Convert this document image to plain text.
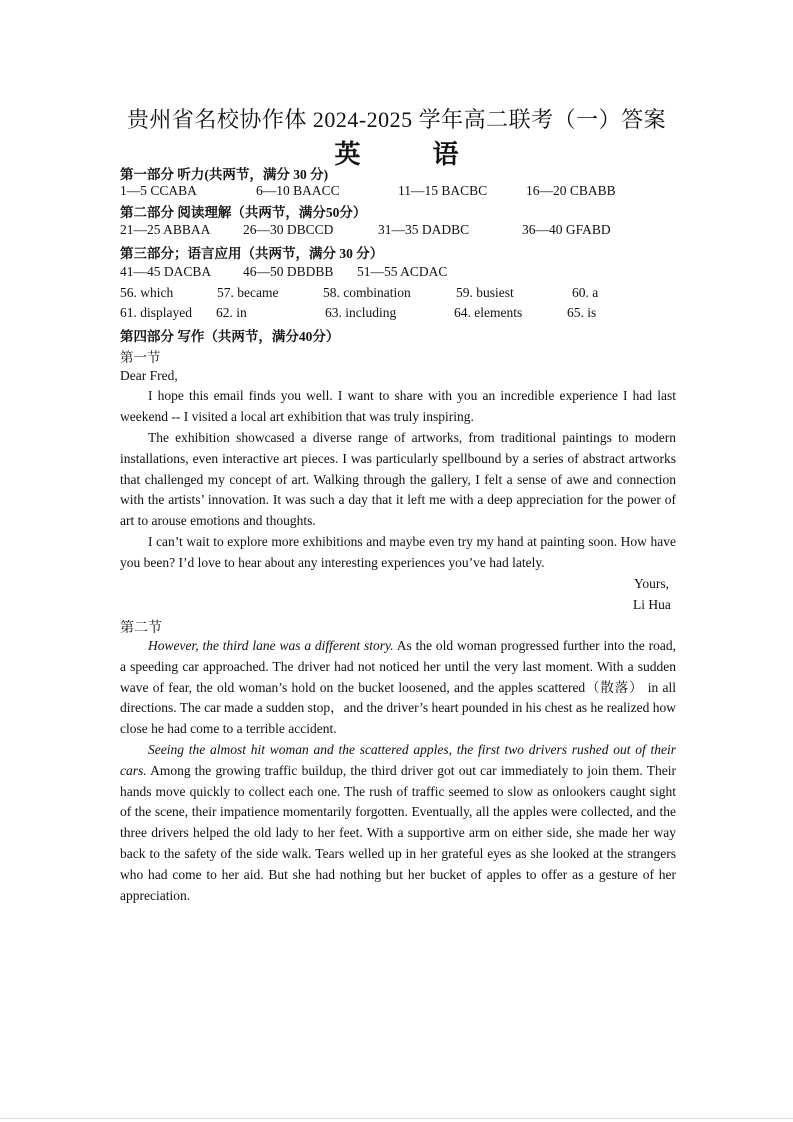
贵州省名校协作体 2024-2025 学年高二联考（一）答案
英	语
第一部分 听力(共两节，满分 30 分)
1—5 CCABA	6—10 BAACC	11—15 BACBC	16—20 CBABB
第二部分 阅读理解（共两节，满分50分）
21—25 ABBAA 26—30 DBCCD	31—35 DADBC	36—40 GFABD
第三部分；语言应用（共两节，满分 30 分）
41—45 DACBA 46—50 DBDBB 51—55 ACDAC
56. which	57. became	58. combination	59. busiest	60. a
61. displayed 62. in	63. including	64. elements	65. is
第四部分 写作（共两节，满分40分）
第一节
Dear Fred,
I hope this email finds you well. I want to share with you an incredible experience I had last weekend -- I visited a local art exhibition that was truly inspiring.
The exhibition showcased a diverse range of artworks, from traditional paintings to modern installations, even interactive art pieces. I was particularly spellbound by a series of abstract artworks that challenged my concept of art. Walking through the gallery, I felt a sense of awe and connection with the artists’ innovation. It was such a day that it left me with a deep appreciation for the power of art to arouse emotions and thoughts.
I can’t wait to explore more exhibitions and maybe even try my hand at painting soon. How have you been? I’d love to hear about any interesting experiences you’ve had lately.
Yours,
Li Hua
第二节
However, the third lane was a different story. As the old woman progressed further into the road, a speeding car approached. The driver had not noticed her until the very last moment. With a sudden wave of fear, the old woman’s hold on the bucket loosened, and the apples scattered（散落） in all directions. The car made a sudden stop，and the driver’s heart pounded in his chest as he realized how close he had come to a terrible accident.
Seeing the almost hit woman and the scattered apples, the first two drivers rushed out of their cars. Among the growing traffic buildup, the third driver got out car immediately to join them. Their hands move quickly to collect each one. The rush of traffic seemed to slow as onlookers caught sight of the scene, their impatience momentarily forgotten. Eventually, all the apples were collected, and the three drivers helped the old lady to her feet. With a supportive arm on either side, she made her way back to the safety of the side walk. Tears welled up in her grateful eyes as she looked at the strangers who had come to her aid. But she had nothing but her bucket of apples to offer as a gesture of her appreciation.
